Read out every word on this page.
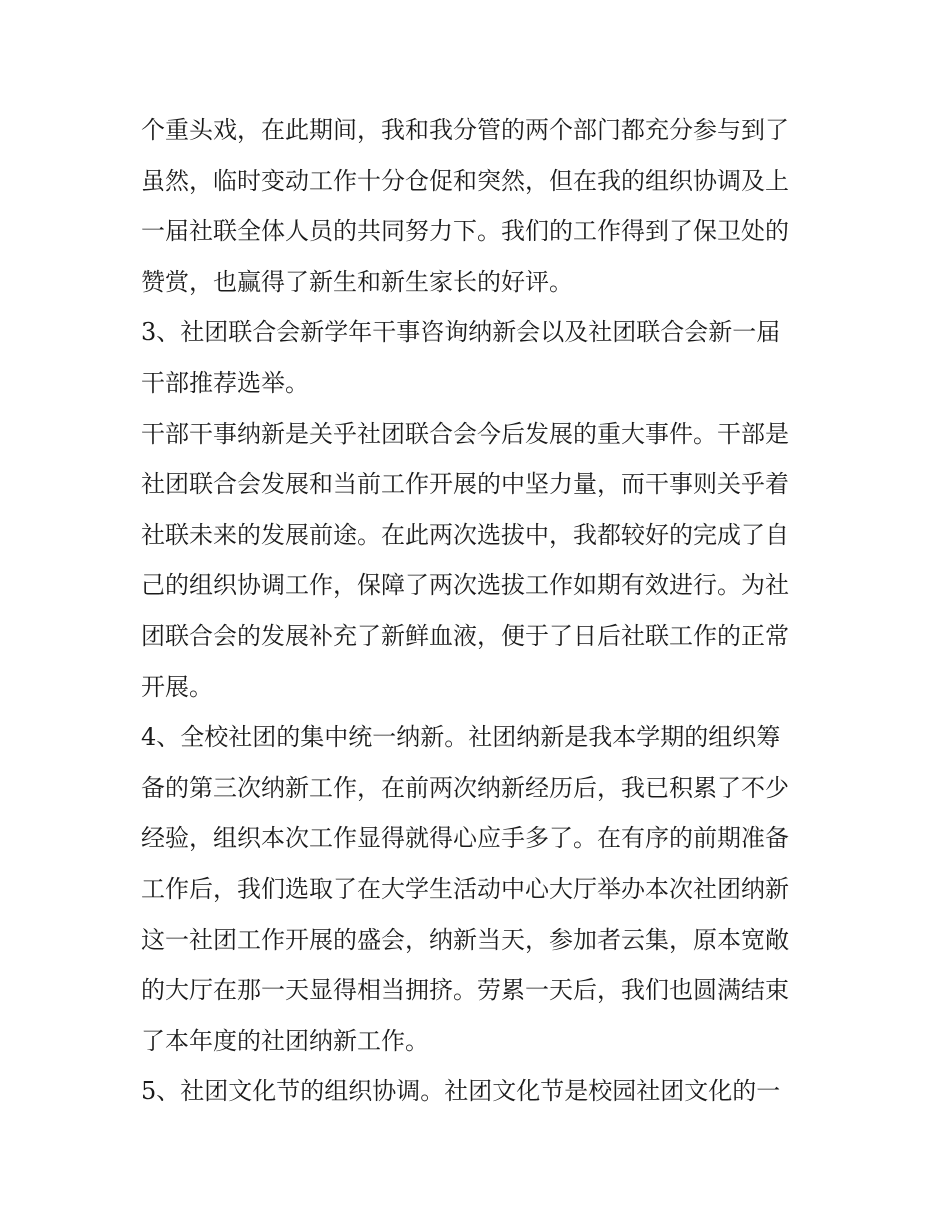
个重头戏，在此期间，我和我分管的两个部门都充分参与到了
虽然，临时变动工作十分仓促和突然，但在我的组织协调及上
一届社联全体人员的共同努力下。我们的工作得到了保卫处的
赞赏，也赢得了新生和新生家长的好评。
3、社团联合会新学年干事咨询纳新会以及社团联合会新一届
干部推荐选举。
干部干事纳新是关乎社团联合会今后发展的重大事件。干部是
社团联合会发展和当前工作开展的中坚力量，而干事则关乎着
社联未来的发展前途。在此两次选拔中，我都较好的完成了自
己的组织协调工作，保障了两次选拔工作如期有效进行。为社
团联合会的发展补充了新鲜血液，便于了日后社联工作的正常
开展。
4、全校社团的集中统一纳新。社团纳新是我本学期的组织筹
备的第三次纳新工作，在前两次纳新经历后，我已积累了不少
经验，组织本次工作显得就得心应手多了。在有序的前期准备
工作后，我们选取了在大学生活动中心大厅举办本次社团纳新
这一社团工作开展的盛会，纳新当天，参加者云集，原本宽敞
的大厅在那一天显得相当拥挤。劳累一天后，我们也圆满结束
了本年度的社团纳新工作。
5、社团文化节的组织协调。社团文化节是校园社团文化的一
